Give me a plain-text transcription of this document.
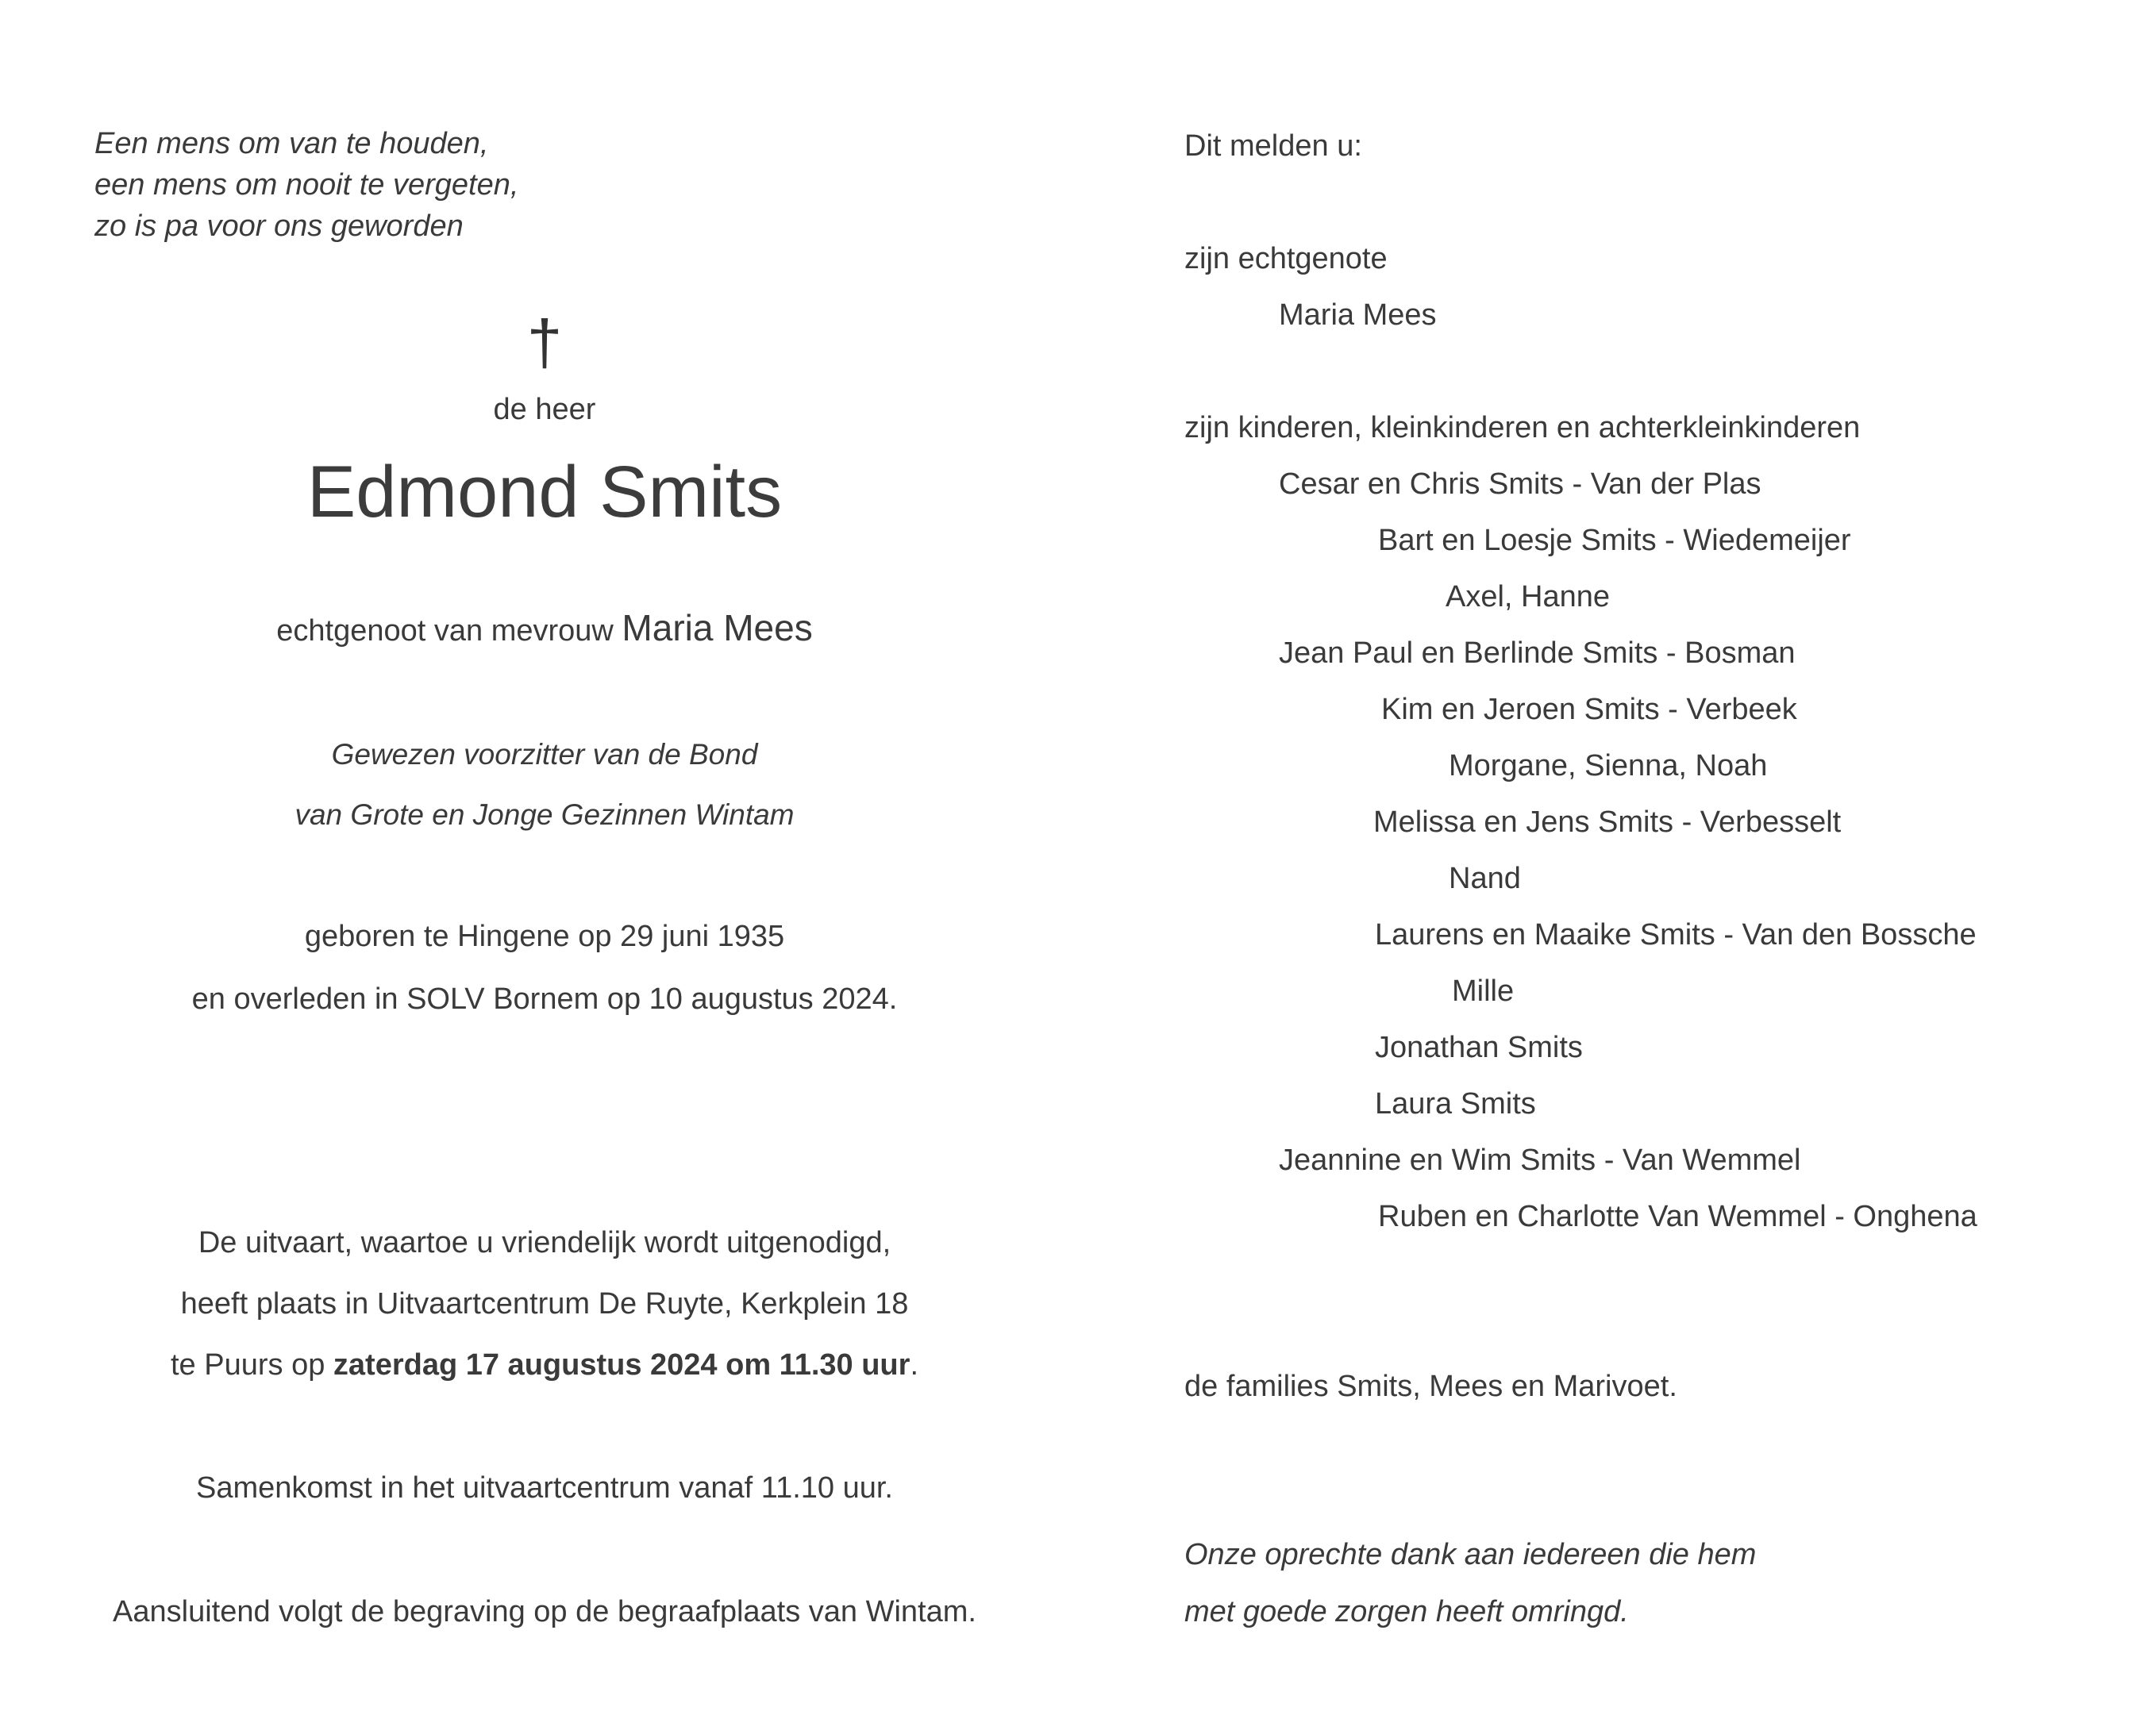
Een mens om van te houden,
een mens om nooit te vergeten,
zo is pa voor ons geworden
†
de heer
Edmond Smits
echtgenoot van mevrouw Maria Mees
Gewezen voorzitter van de Bond
van Grote en Jonge Gezinnen Wintam
geboren te Hingene op 29 juni 1935
en overleden in SOLV Bornem op 10 augustus 2024.
De uitvaart, waartoe u vriendelijk wordt uitgenodigd,
heeft plaats in Uitvaartcentrum De Ruyte, Kerkplein 18
te Puurs op zaterdag 17 augustus 2024 om 11.30 uur.
Samenkomst in het uitvaartcentrum vanaf 11.10 uur.
Aansluitend volgt de begraving op de begraafplaats van Wintam.
Dit melden u:
zijn echtgenote
Maria Mees
zijn kinderen, kleinkinderen en achterkleinkinderen
Cesar en Chris Smits - Van der Plas
Bart en Loesje Smits - Wiedemeijer
Axel, Hanne
Jean Paul en Berlinde Smits - Bosman
Kim en Jeroen Smits - Verbeek
Morgane, Sienna, Noah
Melissa en Jens Smits - Verbesselt
Nand
Laurens en Maaike Smits - Van den Bossche
Mille
Jonathan Smits
Laura Smits
Jeannine en Wim Smits - Van Wemmel
Ruben en Charlotte Van Wemmel - Onghena
de families Smits, Mees en Marivoet.
Onze oprechte dank aan iedereen die hem
met goede zorgen heeft omringd.
